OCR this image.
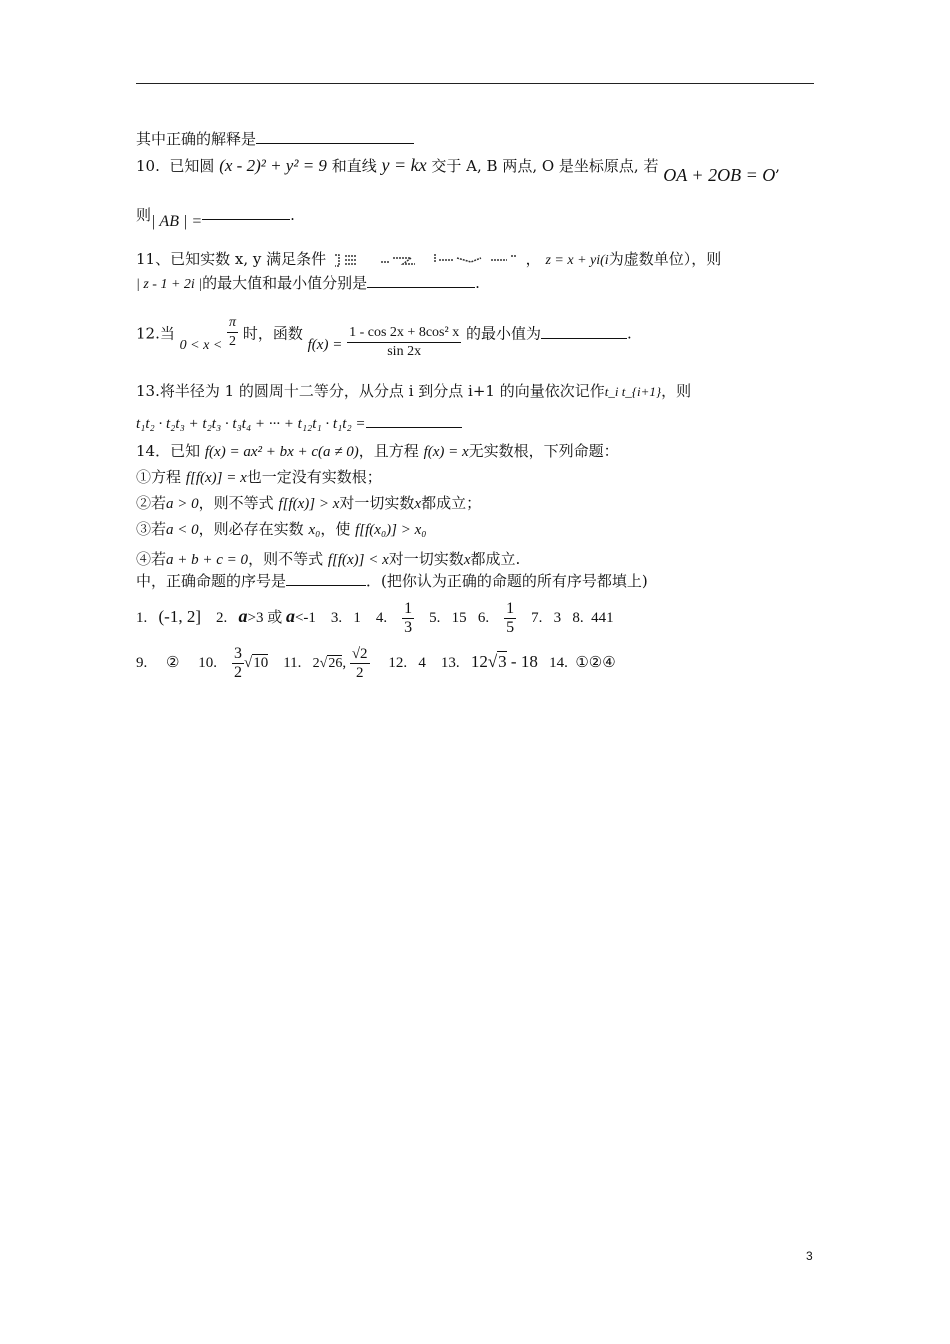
其中正确的解释是
10. 已知圆 (x - 2)² + y² = 9 和直线 y = kx 交于 A, B 两点, O 是坐标原点, 若 OA + 2OB = O,
则| AB | =	.
11、已知实数 x, y 满足条件	， z = x + yi(i为虚数单位），则
| z - 1 + 2i |的最大值和最小值分别是	.
12.当 $0 < x < \frac{\pi}{2}$ 时，函数 $f(x) = \frac{\text{1 - cos 2x + 8cos² x}}{\sin 2x}$ 的最小值为	.
13.将半径为 1 的圆周十二等分，从分点 i 到分点 i+1 的向量依次记作t_i t_{i+1}，则
t₁t₂ · t₂t₃ + t₂t₃ · t₃t₄ + ··· + t₁₂t₁ · t₁t₂ =
14．已知 f(x) = ax² + bx + c(a ≠ 0)，且方程 f(x) = x无实数根，下列命题：
①方程 f[f(x)] = x也一定没有实数根；
②若a > 0，则不等式 f[f(x)] > x对一切实数x都成立；
③若a < 0，则必存在实数 x₀，使 f[f(x₀)] > x₀
④若a + b + c = 0，则不等式 f[f(x)] < x对一切实数x都成立.
中，正确命题的序号是	．(把你认为正确的命题的所有序号都填上)
1. (-1, 2] 2. a>3 或 a<-1 3. 1 4. $\frac{1}{3} 5$. 15 6. $\frac{1}{5} 7$. 3 8. 441
9. ② 10. $\frac{3}{2} √10$ 11. 2√26, $\frac{√2}{2} 12$. 4 13. 12√3 - 18 14. ①②④
3
